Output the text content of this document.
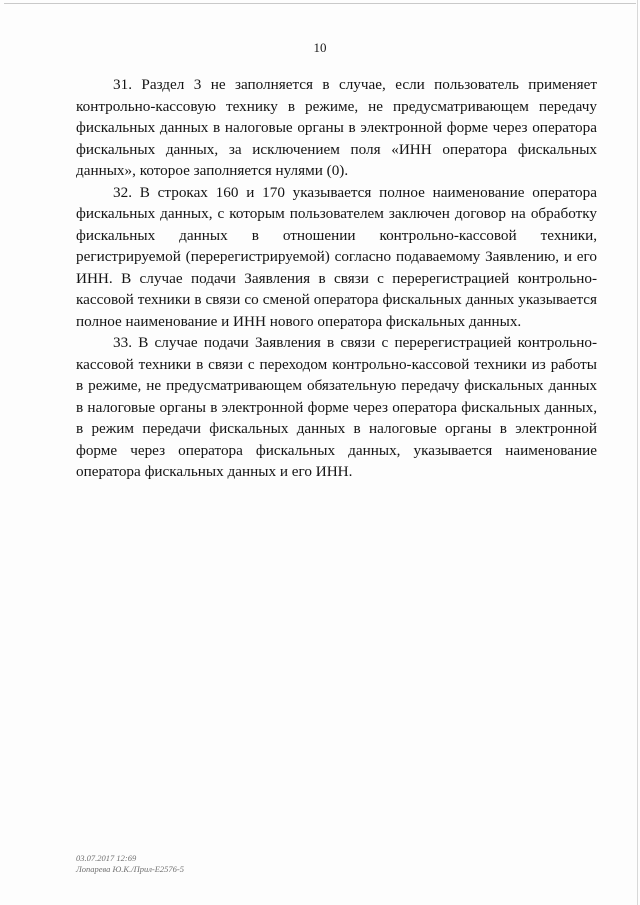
10

31. Раздел 3 не заполняется в случае, если пользователь применяет контрольно-кассовую технику в режиме, не предусматривающем передачу фискальных данных в налоговые органы в электронной форме через оператора фискальных данных, за исключением поля «ИНН оператора фискальных данных», которое заполняется нулями (0).

32. В строках 160 и 170 указывается полное наименование оператора фискальных данных, с которым пользователем заключен договор на обработку фискальных данных в отношении контрольно-кассовой техники, регистрируемой (перерегистрируемой) согласно подаваемому Заявлению, и его ИНН. В случае подачи Заявления в связи с перерегистрацией контрольно-кассовой техники в связи со сменой оператора фискальных данных указывается полное наименование и ИНН нового оператора фискальных данных.

33. В случае подачи Заявления в связи с перерегистрацией контрольно-кассовой техники в связи с переходом контрольно-кассовой техники из работы в режиме, не предусматривающем обязательную передачу фискальных данных в налоговые органы в электронной форме через оператора фискальных данных, в режим передачи фискальных данных в налоговые органы в электронной форме через оператора фискальных данных, указывается наименование оператора фискальных данных и его ИНН.

03.07.2017 12:69
Лопарева Ю.К./Прил-Е2576-5
